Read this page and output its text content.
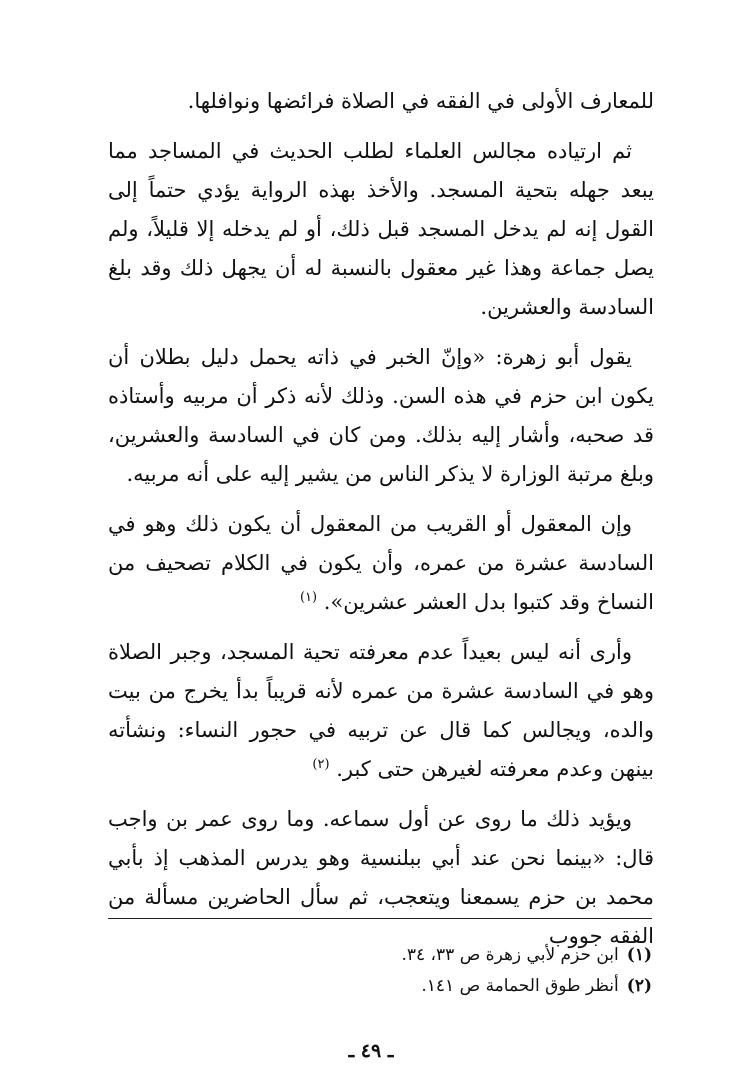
للمعارف الأولى في الفقه في الصلاة فرائضها ونوافلها.

ثم ارتياده مجالس العلماء لطلب الحديث في المساجد مما يبعد جهله بتحية المسجد. والأخذ بهذه الرواية يؤدي حتماً إلى القول إنه لم يدخل المسجد قبل ذلك، أو لم يدخله إلا قليلاً، ولم يصل جماعة وهذا غير معقول بالنسبة له أن يجهل ذلك وقد بلغ السادسة والعشرين.

يقول أبو زهرة: «وإنّ الخبر في ذاته يحمل دليل بطلان أن يكون ابن حزم في هذه السن. وذلك لأنه ذكر أن مربيه وأستاذه قد صحبه، وأشار إليه بذلك. ومن كان في السادسة والعشرين، وبلغ مرتبة الوزارة لا يذكر الناس من يشير إليه على أنه مربيه.

وإن المعقول أو القريب من المعقول أن يكون ذلك وهو في السادسة عشرة من عمره، وأن يكون في الكلام تصحيف من النساخ وقد كتبوا بدل العشر عشرين». $^{(١)}$

وأرى أنه ليس بعيداً عدم معرفته تحية المسجد، وجبر الصلاة وهو في السادسة عشرة من عمره لأنه قريباً بدأ يخرج من بيت والده، ويجالس كما قال عن تربيه في حجور النساء: ونشأته بينهن وعدم معرفته لغيرهن حتى كبر. $^{(٢)}$

ويؤيد ذلك ما روى عن أول سماعه. وما روى عمر بن واجب قال: «بينما نحن عند أبي ببلنسية وهو يدرس المذهب إذ بأبي محمد بن حزم يسمعنا ويتعجب، ثم سأل الحاضرين مسألة من الفقه جووب

(١)ابن حزم لأبي زهرة ص ٣٣، ٣٤.

(٢)أنظر طوق الحمامة ص ١٤١.

ـ ٤٩ ـ
